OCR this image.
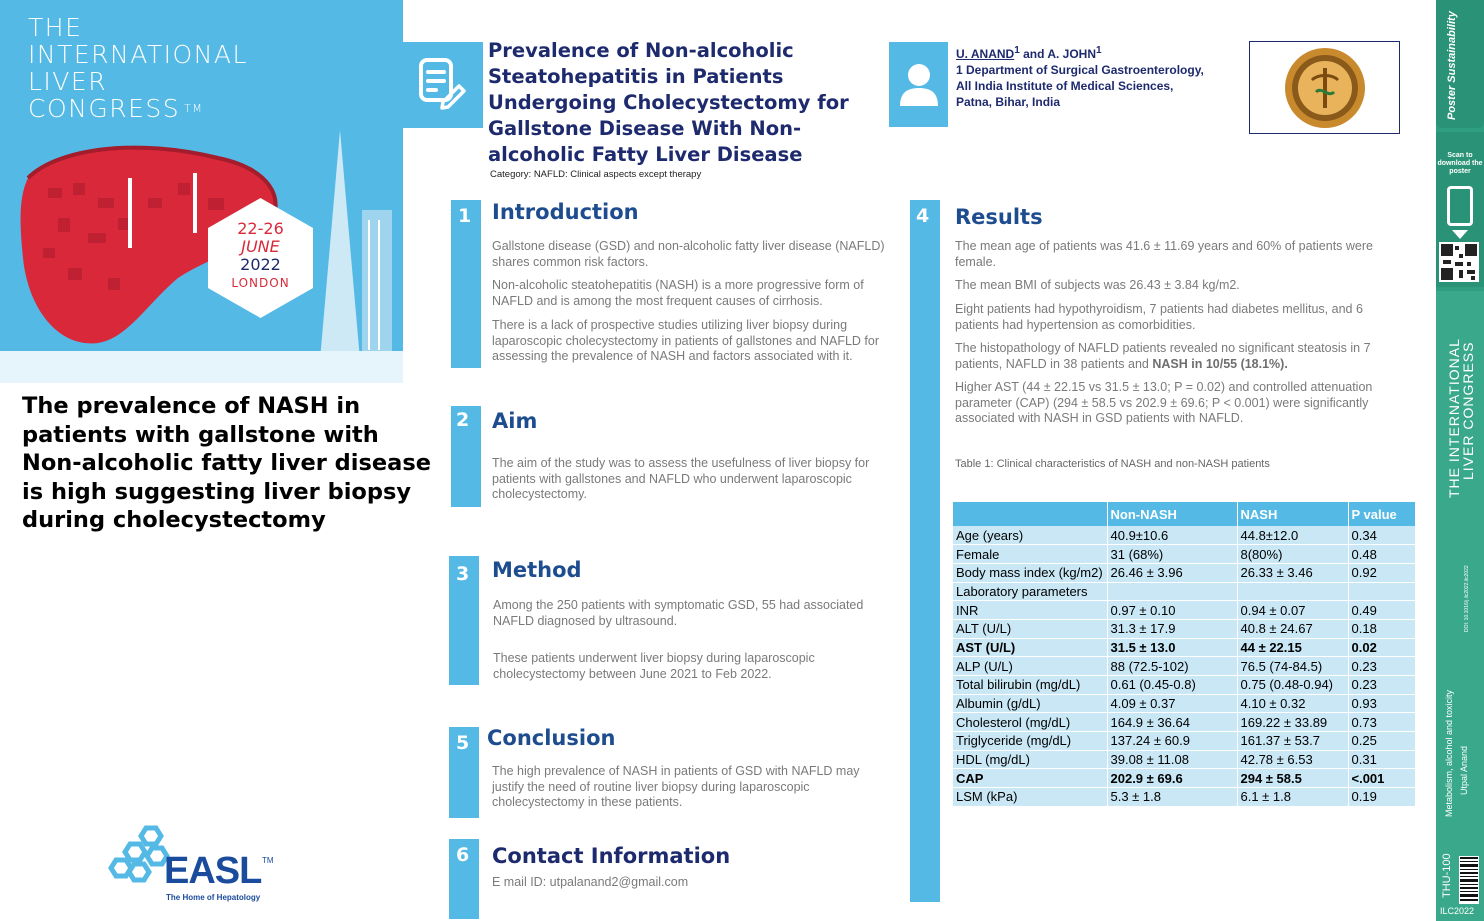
THE
INTERNATIONAL
LIVER
CONGRESS ™
22-26
JUNE
2022
LONDON
The prevalence of NASH in patients with gallstone with Non-alcoholic fatty liver disease is high suggesting liver biopsy during cholecystectomy
EASL TM
The Home of Hepatology
Prevalence of Non-alcoholic Steatohepatitis in Patients Undergoing Cholecystectomy for Gallstone Disease With Non-alcoholic Fatty Liver Disease
Category: NAFLD: Clinical aspects except therapy
U. ANAND$^1$ and A. JOHN$^1$
1 Department of Surgical Gastroenterology,
All India Institute of Medical Sciences,
Patna, Bihar, India
1 Introduction
Gallstone disease (GSD) and non-alcoholic fatty liver disease (NAFLD) shares common risk factors.
Non-alcoholic steatohepatitis (NASH) is a more progressive form of NAFLD and is among the most frequent causes of cirrhosis.
There is a lack of prospective studies utilizing liver biopsy during laparoscopic cholecystectomy in patients of gallstones and NAFLD for assessing the prevalence of NASH and factors associated with it.
2 Aim
The aim of the study was to assess the usefulness of liver biopsy for patients with gallstones and NAFLD who underwent laparoscopic cholecystectomy.
3 Method
Among the 250 patients with symptomatic GSD, 55 had associated NAFLD diagnosed by ultrasound.
These patients underwent liver biopsy during laparoscopic cholecystectomy between June 2021 to Feb 2022.
5 Conclusion
The high prevalence of NASH in patients of GSD with NAFLD may justify the need of routine liver biopsy during laparoscopic cholecystectomy in these patients.
6 Contact Information
E mail ID: utpalanand2@gmail.com
4 Results
The mean age of patients was 41.6 ± 11.69 years and 60% of patients were female.
The mean BMI of subjects was 26.43 ± 3.84 kg/m2.
Eight patients had hypothyroidism, 7 patients had diabetes mellitus, and 6 patients had hypertension as comorbidities.
The histopathology of NAFLD patients revealed no significant steatosis in 7 patients, NAFLD in 38 patients and NASH in 10/55 (18.1%).
Higher AST (44 ± 22.15 vs 31.5 ± 13.0; P = 0.02) and controlled attenuation parameter (CAP) (294 ± 58.5 vs 202.9 ± 69.6; P < 0.001) were significantly associated with NASH in GSD patients with NAFLD.
Table 1: Clinical characteristics of NASH and non-NASH patients
	Non-NASH	NASH	P value
Age (years)	40.9±10.6	44.8±12.0	0.34
Female	31 (68%)	8(80%)	0.48
Body mass index (kg/m2)	26.46 ± 3.96	26.33 ± 3.46	0.92
Laboratory parameters			
INR	0.97 ± 0.10	0.94 ± 0.07	0.49
ALT (U/L)	31.3 ± 17.9	40.8 ± 24.67	0.18
AST (U/L)	31.5 ± 13.0	44 ± 22.15	0.02
ALP (U/L)	88 (72.5-102)	76.5 (74-84.5)	0.23
Total bilirubin (mg/dL)	0.61 (0.45-0.8)	0.75 (0.48-0.94)	0.23
Albumin (g/dL)	4.09 ± 0.37	4.10 ± 0.32	0.93
Cholesterol (mg/dL)	164.9 ± 36.64	169.22 ± 33.89	0.73
Triglyceride (mg/dL)	137.24 ± 60.9	161.37 ± 53.7	0.25
HDL (mg/dL)	39.08 ± 11.08	42.78 ± 6.53	0.31
CAP	202.9 ± 69.6	294 ± 58.5	<.001
LSM (kPa)	5.3 ± 1.8	6.1 ± 1.8	0.19
Poster Sustainability
Scan to download the poster
THE INTERNATIONAL
LIVER CONGRESS
DOI: 10.1016/j.ilc2022.ilc2022
Metabolism, alcohol and toxicity Utpal Anand
THU-100
ILC2022
